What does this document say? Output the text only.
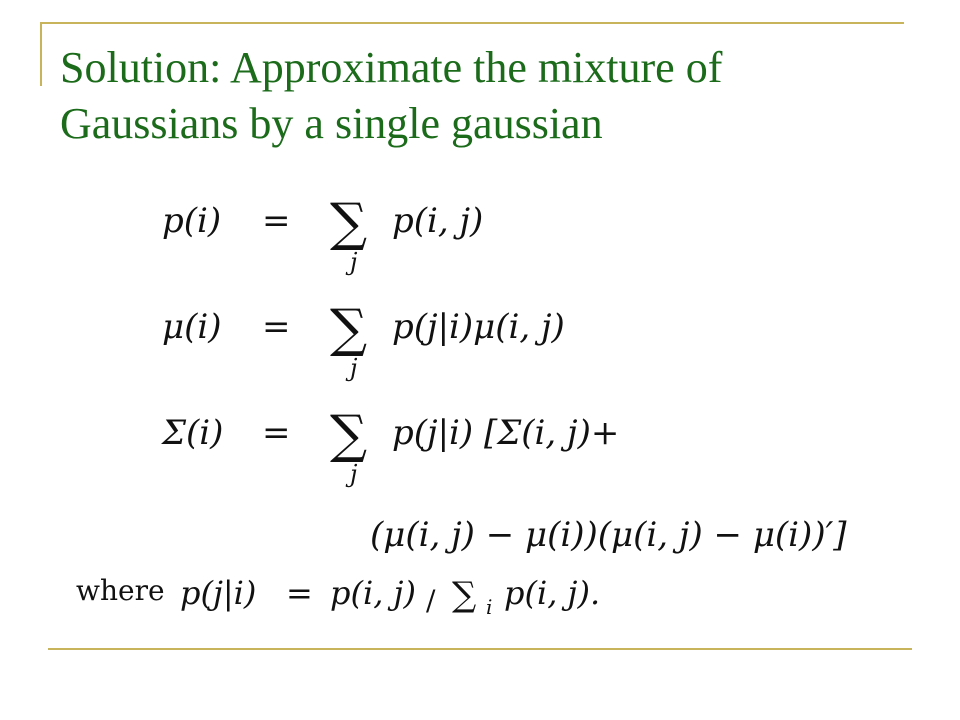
Solution: Approximate the mixture of Gaussians by a single gaussian
p(i) = ∑
j
p(i, j)
μ(i) = ∑
j
p(j|i)μ(i, j)
Σ(i) = ∑
j
p(j|i) [Σ(i, j)+
(μ(i, j) − μ(i))(μ(i, j) − μ(i))′]
where p(j|i) = p(i, j) / ∑ i p(i, j).
